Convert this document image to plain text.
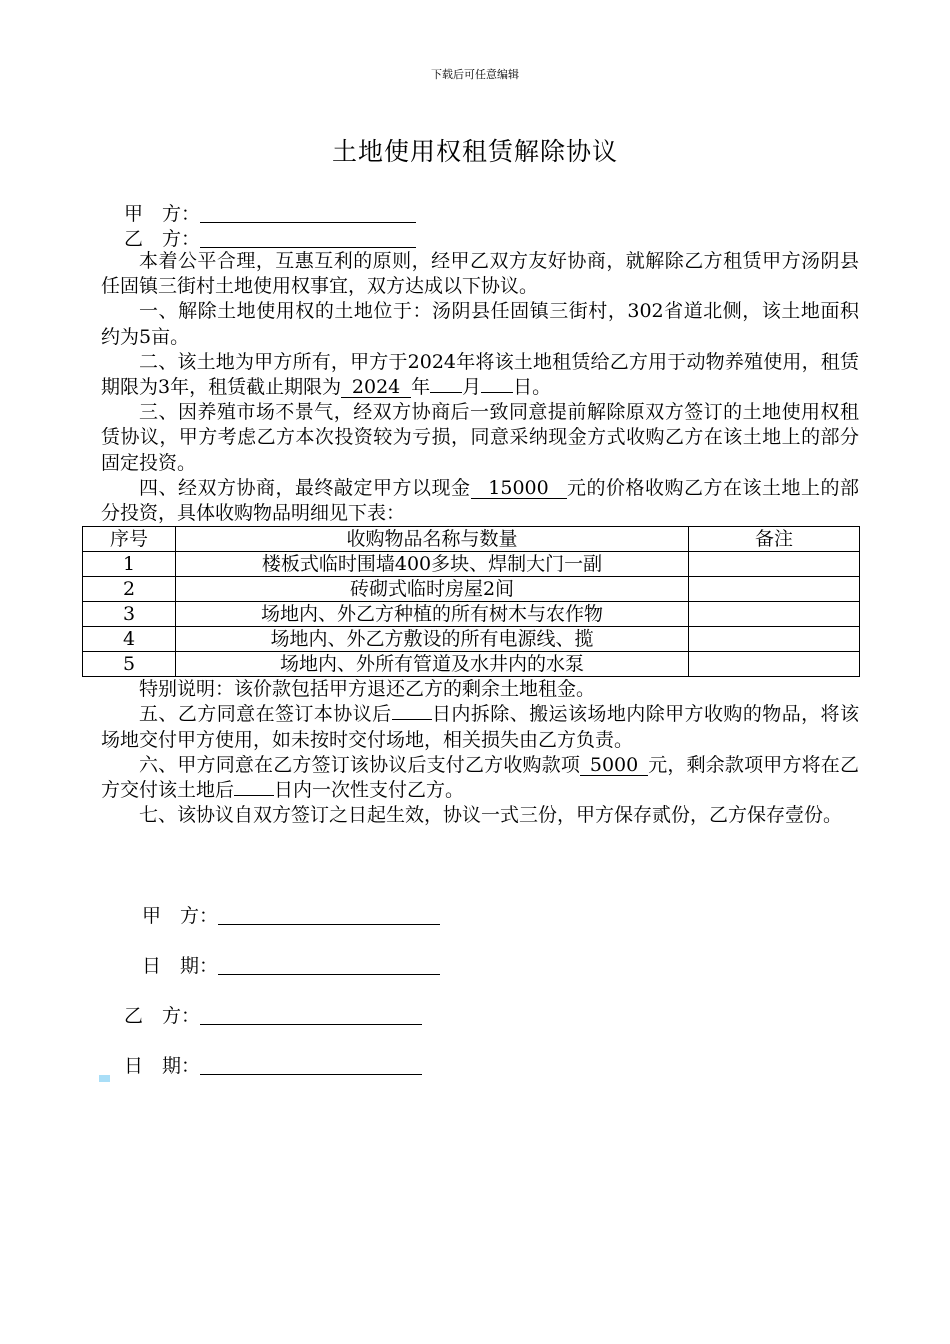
下载后可任意编辑
土地使用权租赁解除协议
甲　方：
乙　方：

本着公平合理，互惠互利的原则，经甲乙双方友好协商，就解除乙方租赁甲方汤阴县任固镇三街村土地使用权事宜，双方达成以下协议。

一、解除土地使用权的土地位于：汤阴县任固镇三街村，302省道北侧，该土地面积约为5亩。

二、该土地为甲方所有，甲方于2024年将该土地租赁给乙方用于动物养殖使用，租赁期限为3年，租赁截止期限为 2024 年 月 日。

三、因养殖市场不景气，经双方协商后一致同意提前解除原双方签订的土地使用权租赁协议，甲方考虑乙方本次投资较为亏损，同意采纳现金方式收购乙方在该土地上的部分固定投资。

四、经双方协商，最终敲定甲方以现金 15000 元的价格收购乙方在该土地上的部分投资，具体收购物品明细见下表：

序号	收购物品名称与数量	备注
1	楼板式临时围墙400多块、焊制大门一副	
2	砖砌式临时房屋2间	
3	场地内、外乙方种植的所有树木与农作物	
4	场地内、外乙方敷设的所有电源线、揽	
5	场地内、外所有管道及水井内的水泵	

特别说明：该价款包括甲方退还乙方的剩余土地租金。

五、乙方同意在签订本协议后 日内拆除、搬运该场地内除甲方收购的物品，将该场地交付甲方使用，如未按时交付场地，相关损失由乙方负责。

六、甲方同意在乙方签订该协议后支付乙方收购款项 5000 元，剩余款项甲方将在乙方交付该土地后 日内一次性支付乙方。

七、该协议自双方签订之日起生效，协议一式三份，甲方保存贰份，乙方保存壹份。

甲　方：
日　期：
乙　方：
日　期：
